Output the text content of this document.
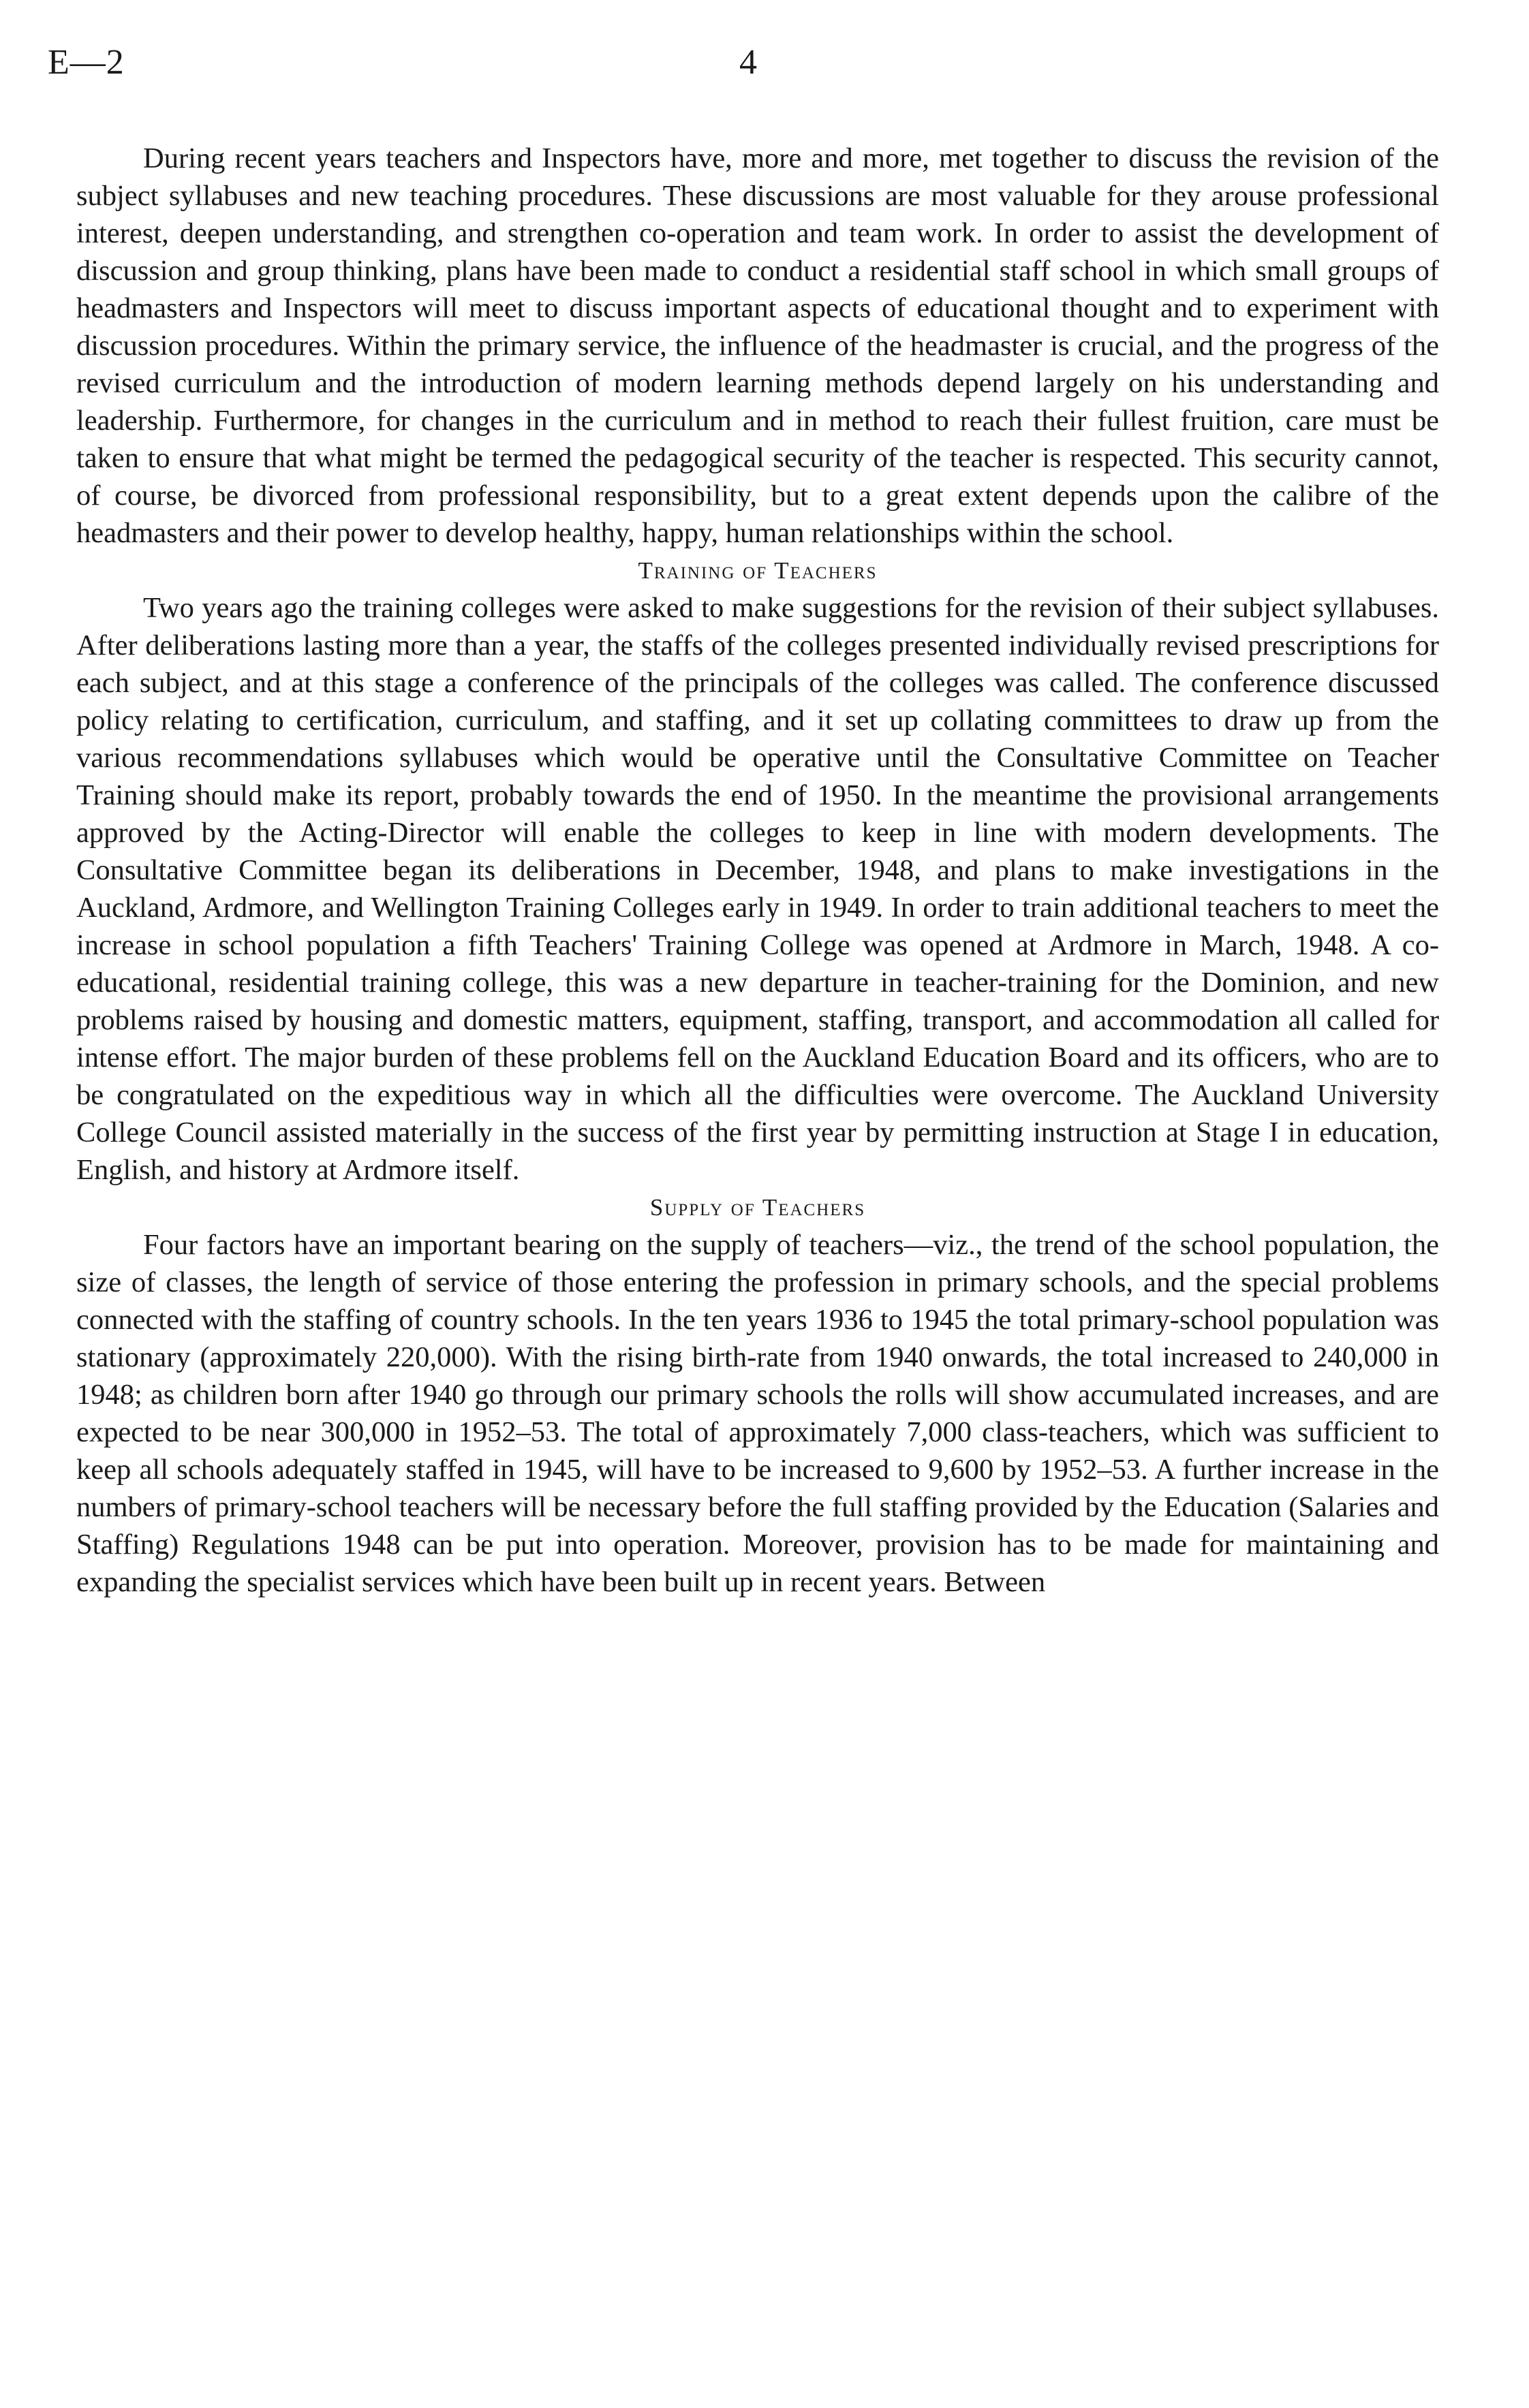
E—2	4

During recent years teachers and Inspectors have, more and more, met together to discuss the revision of the subject syllabuses and new teaching procedures. These discussions are most valuable for they arouse professional interest, deepen understanding, and strengthen co-operation and team work. In order to assist the development of discussion and group thinking, plans have been made to conduct a residential staff school in which small groups of headmasters and Inspectors will meet to discuss important aspects of educational thought and to experiment with discussion procedures. Within the primary service, the influence of the headmaster is crucial, and the progress of the revised curriculum and the introduction of modern learning methods depend largely on his understanding and leadership. Furthermore, for changes in the curriculum and in method to reach their fullest fruition, care must be taken to ensure that what might be termed the pedagogical security of the teacher is respected. This security cannot, of course, be divorced from professional responsibility, but to a great extent depends upon the calibre of the headmasters and their power to develop healthy, happy, human relationships within the school.

Training of Teachers

Two years ago the training colleges were asked to make suggestions for the revision of their subject syllabuses. After deliberations lasting more than a year, the staffs of the colleges presented individually revised prescriptions for each subject, and at this stage a conference of the principals of the colleges was called. The conference discussed policy relating to certification, curriculum, and staffing, and it set up collating committees to draw up from the various recommendations syllabuses which would be operative until the Consultative Committee on Teacher Training should make its report, probably towards the end of 1950. In the meantime the provisional arrangements approved by the Acting-Director will enable the colleges to keep in line with modern developments. The Consultative Committee began its deliberations in December, 1948, and plans to make investigations in the Auckland, Ardmore, and Wellington Training Colleges early in 1949. In order to train additional teachers to meet the increase in school population a fifth Teachers' Training College was opened at Ardmore in March, 1948. A co-educational, residential training college, this was a new departure in teacher-training for the Dominion, and new problems raised by housing and domestic matters, equipment, staffing, transport, and accommodation all called for intense effort. The major burden of these problems fell on the Auckland Education Board and its officers, who are to be congratulated on the expeditious way in which all the difficulties were overcome. The Auckland University College Council assisted materially in the success of the first year by permitting instruction at Stage I in education, English, and history at Ardmore itself.

Supply of Teachers

Four factors have an important bearing on the supply of teachers—viz., the trend of the school population, the size of classes, the length of service of those entering the profession in primary schools, and the special problems connected with the staffing of country schools. In the ten years 1936 to 1945 the total primary-school population was stationary (approximately 220,000). With the rising birth-rate from 1940 onwards, the total increased to 240,000 in 1948; as children born after 1940 go through our primary schools the rolls will show accumulated increases, and are expected to be near 300,000 in 1952–53. The total of approximately 7,000 class-teachers, which was sufficient to keep all schools adequately staffed in 1945, will have to be increased to 9,600 by 1952–53. A further increase in the numbers of primary-school teachers will be necessary before the full staffing provided by the Education (Salaries and Staffing) Regulations 1948 can be put into operation. Moreover, provision has to be made for maintaining and expanding the specialist services which have been built up in recent years. Between
